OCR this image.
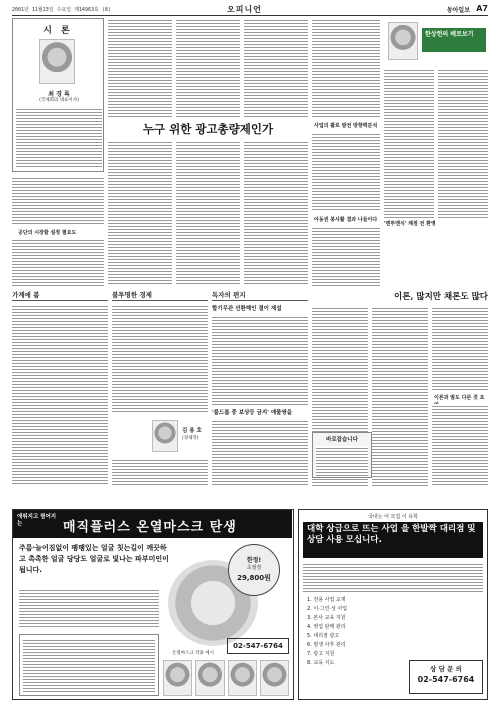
2001년 11월23일 수요일 제14963호 (8)	오피니언	동아일보 A7
시 론
최 경 록
(국제회의 대표이사)
공단의 시장할 설정 필요도
누구 위한 광고총량제인가	사업의 활로 발전 방향력분석
아동권 봉사활 결과 나들이다
한상헌의 베로보기
'맨투맨식' 채점 전 환영
이론, 많지만 채론도 많다
이론과 발도 다른 것 요
가계에 봄	불투명한 경제
김 용 호
(경제학)
독자의 편지
합기무관 선환해인 결이 재설
'불드롭 중 보상등 금지' 애물쌍을
바로잡습니다
에뛰지고 찜어지는	매직플러스 온열마스크 탄생
주름·늘어짐없이 팽팽있는 얼굴 칫는길이 깨끗하고 촉촉한 얼굴 당당도 얼굴로 빛나는 파부미인이 됩니다.
한정!
초절정
29,800원
온열마스크 착용 예시
02-547-6764
국내는 어 모집 이 유학
대학 상급으로 뜨는 사업 을 한발짝 대리점 및 상담 사용 모십니다.
1. 전용 사업 교재
2. 이·그린·성 사업
3. 본사 교육 지원
4. 영업 판매 관리
5. 대리점 광고
6. 평생 사후 관리
7. 광고 지원
8. 교육 지도
상 담 문 의
02-547-6764
